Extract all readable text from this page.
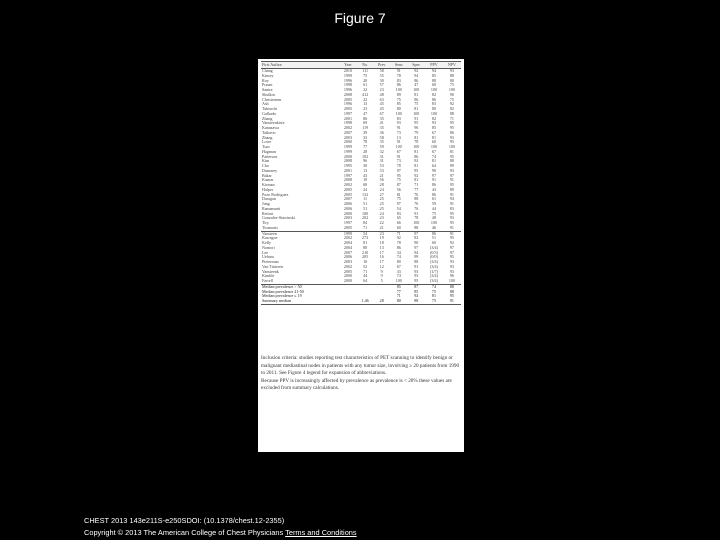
Figure 7
First Author	Year	No.	Prev	Sens	Spec	PPV	NPV
Chang	2010	111	58	91	92	94	93
Kinsey	1999	75	55	78	94	85	88
Roy	1996	20	30	83	86	88	80
Prauer	1998	61	57	86	47	60	75
Santra	1996	22	23	100	100	100	100
Shulkin	2008	412	48	89	81	82	90
Christensen	2005	22	63	75	86	86	75
Ash	1996	13	45	85	75	83	92
Takeuchi	2005	23	45	80	81	80	82
Gallardo	1997	47	67	100	100	100	88
Zhang	2001	86	35	83	91	82	71
Vansteenkiste	1998	69	41	93	95	93	95
Kanazawa	2002	119	35	91	96	85	95
Tatkavic	2007	39	36	73	79	67	86
Zhang	2003	33	58	13	81	81	93
Lowe	2000	78	35	91	78	60	95
Tsao	1999	77	59	100	100	100	100
Hagman	1999	28	32	67	81	67	81
Patterson	2000	102	31	91	86	74	95
Kim	2008	96	31	73	92	81	88
Cho	1995	30	53	78	81	64	89
Dumarey	2001	13	53	97	95	90	93
Bakar	1997	43	21	95	92	97	97
Kumar	2008	10	56	75	81	91	91
Kirman	2002	68	28	87	71	86	95
Halper	2005	24	24	56	77	43	89
Pozo Rodriguez	2005	132	27	81	76	86	91
Daragan	2007	11	25	75	88	61	94
Jung	2006	51	25	97	76	59	91
Ramamurti	2006	51	25	54	76	44	83
Rettori	2000	100	24	83	91	75	95
Gonzalez-Stawinski	2003	202	23	65	78	48	93
Tiry	1997	84	22	66	100	100	95
Tiramoris	2005	71	21	60	88	46	91
Vansteen	1999	54	23	71	97	86	91
Kawagoe	2002	273	19	92	82	51	95
Kelly	2004	81	18	78	90	60	92
Nomori	2004	80	13	86	97	(3/4)	97
Lee	2007	210	17	34	94	(0/3)	97
Uehara	2006	205	16	74	99	(0/0)	95
Pieterman	2003	10	17	80	88	(3/4)	93
Van Tinteren	2002	52	12	67	91	(3/4)	93
Vansteenk	2005	71	9	33	93	(1/7)	93
Kimble	2000	44	9	74	93	(3/4)	96
Farrell	2000	64	5	100	95	(3/4)	100
Median prevalence > 50				85	87	74	88
Median prevalence 21-50				77	85	75	88
Median prevalence ≤ 19				71	92	81	95
Summary median		1,46	28	80	88	75	91

Inclusion criteria: studies reporting test characteristics of PET scanning to identify benign or malignant mediastinal nodes in patients with any tumor size, involving ≥ 20 patients from 1990 to 2011. See Figure 4 legend for expansion of abbreviations.

Because PPV is increasingly affected by prevalence as prevalence is < 20% these values are excluded from summary calculations.

CHEST 2013 143e211S-e250SDOI: (10.1378/chest.12-2355)
Copyright © 2013 The American College of Chest Physicians Terms and Conditions
